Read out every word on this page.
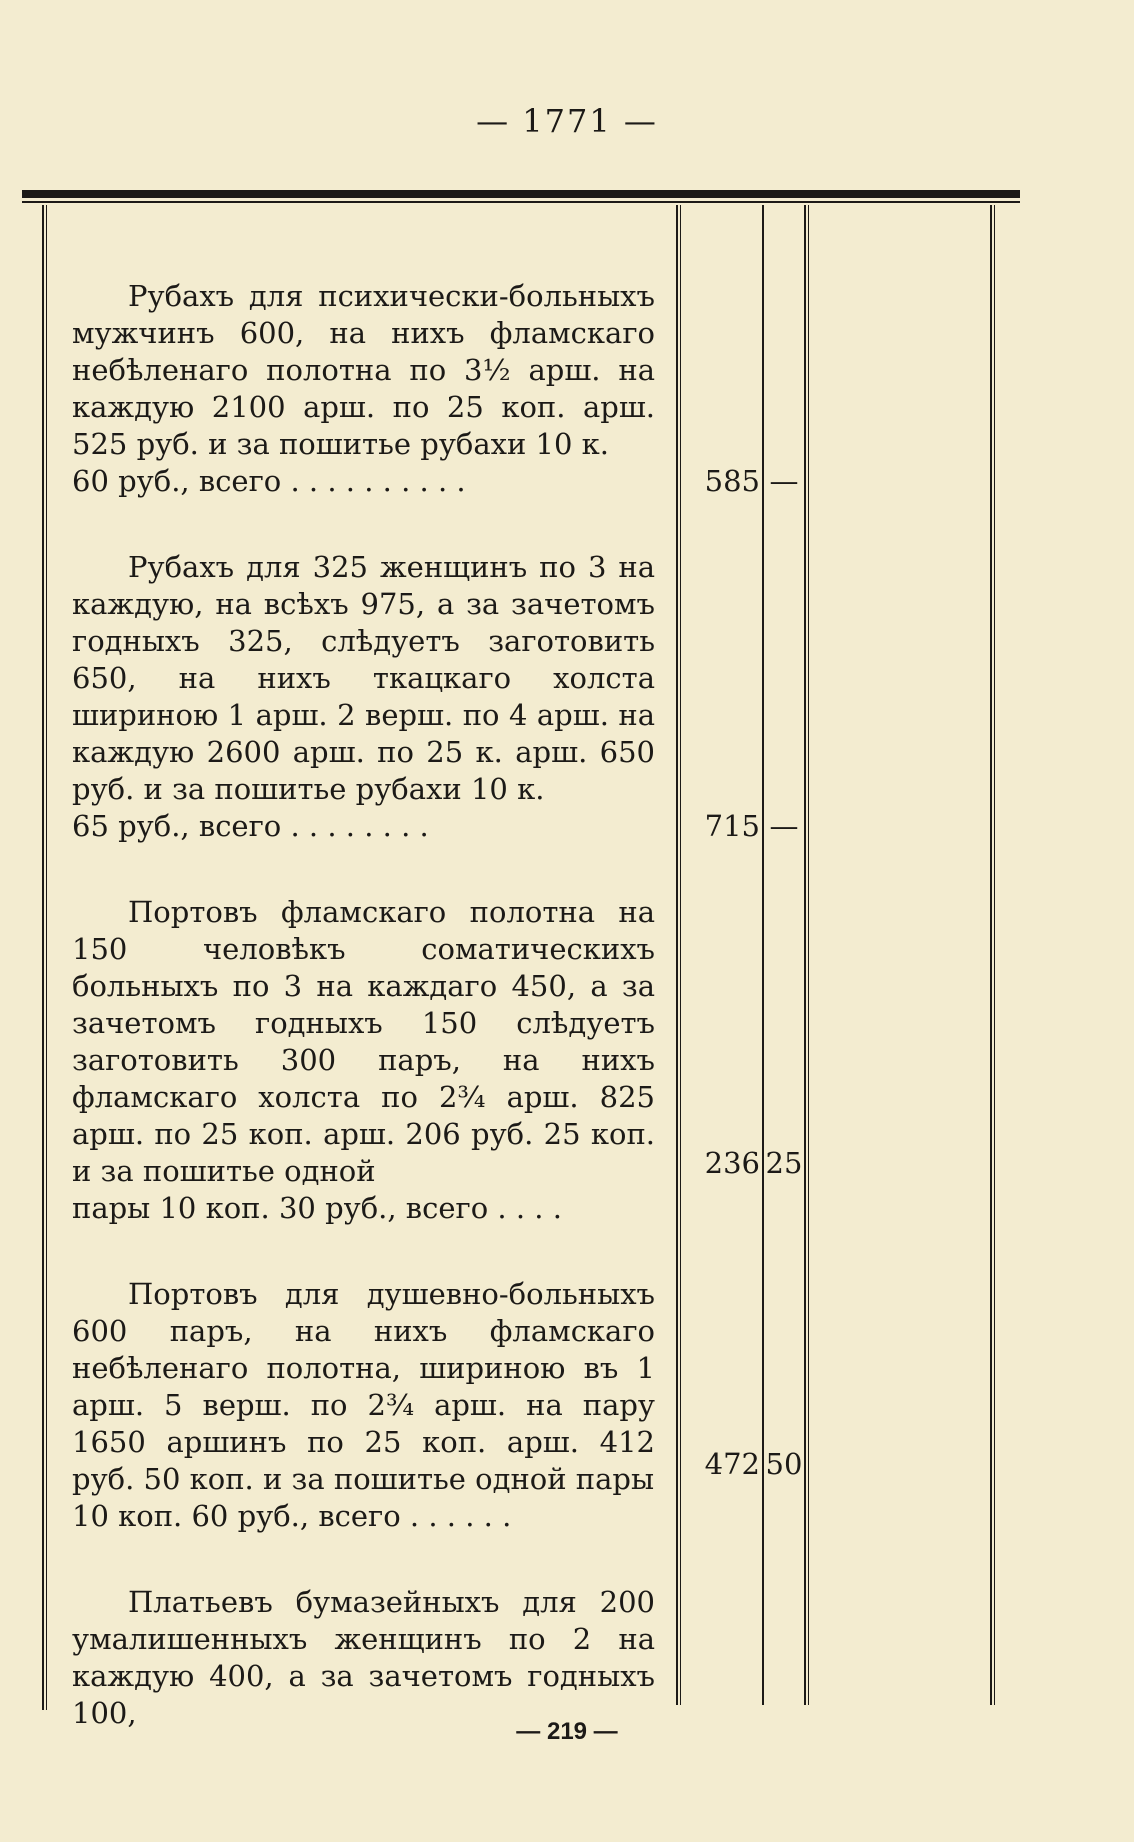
— 1771 —
Рубахъ для психически-больныхъ мужчинъ 600, на нихъ фламскаго небѣленаго полотна по 3½ арш. на каждую 2100 арш. по 25 коп. арш. 525 руб. и за пошитье рубахи 10 к.
60 руб., всего . . . . . . . . . .
Рубахъ для 325 женщинъ по 3 на каждую, на всѣхъ 975, а за зачетомъ годныхъ 325, слѣдуетъ заготовить 650, на нихъ ткацкаго холста шириною 1 арш. 2 верш. по 4 арш. на каждую 2600 арш. по 25 к. арш. 650 руб. и за пошитье рубахи 10 к.
65 руб., всего . . . . . . . .
Портовъ фламскаго полотна на 150 человѣкъ соматическихъ больныхъ по 3 на каждаго 450, а за зачетомъ годныхъ 150 слѣдуетъ заготовить 300 паръ, на нихъ фламскаго холста по 2¾ арш. 825 арш. по 25 коп. арш. 206 руб. 25 коп. и за пошитье одной
пары 10 коп. 30 руб., всего . . . .
Портовъ для душевно-больныхъ 600 паръ, на нихъ фламскаго небѣленаго полотна, шириною въ 1 арш. 5 верш. по 2¾ арш. на пару 1650 аршинъ по 25 коп. арш. 412 руб. 50 коп. и за пошитье одной пары
10 коп. 60 руб., всего . . . . . .
Платьевъ бумазейныхъ для 200 умалишенныхъ женщинъ по 2 на каждую 400, а за зачетомъ годныхъ 100,
585 —
715 —
236 25
472 50
— 219 —
